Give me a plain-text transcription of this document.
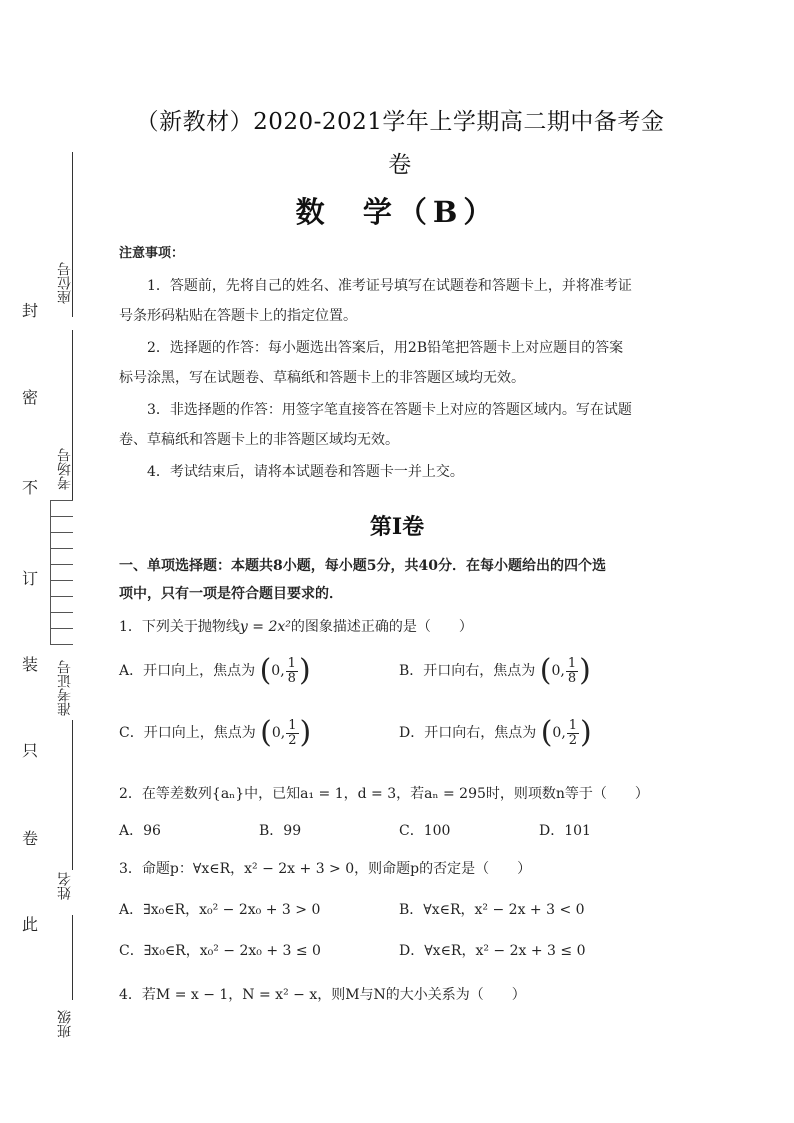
座位号
考场号
准考证号
姓名
班级
封
密
不
订
装
只
卷
此
（新教材）2020-2021学年上学期高二期中备考金
卷
数  学（B）
注意事项：
1．答题前，先将自己的姓名、准考证号填写在试题卷和答题卡上，并将准考证
号条形码粘贴在答题卡上的指定位置。
2．选择题的作答：每小题选出答案后，用2B铅笔把答题卡上对应题目的答案
标号涂黑，写在试题卷、草稿纸和答题卡上的非答题区域均无效。
3．非选择题的作答：用签字笔直接答在答题卡上对应的答题区域内。写在试题
卷、草稿纸和答题卡上的非答题区域均无效。
4．考试结束后，请将本试题卷和答题卡一并上交。
第Ⅰ卷
一、单项选择题：本题共8小题，每小题5分，共40分．在每小题给出的四个选
项中，只有一项是符合题目要求的．
1．下列关于抛物线y = 2x²的图象描述正确的是（　　）
A．开口向上，焦点为 ( 0, 1
8 )	B．开口向右，焦点为 ( 0, 1
8 )
C．开口向上，焦点为 ( 0, 1
2 )	D．开口向右，焦点为 ( 0, 1
2 )
2．在等差数列{aₙ}中，已知a₁ = 1，d = 3，若aₙ = 295时，则项数n等于（　　）
A．96	B．99	C．100	D．101
3．命题p：∀x∈R，x² − 2x + 3 > 0，则命题p的否定是（　　）
A．∃x₀∈R，x₀² − 2x₀ + 3 > 0	B．∀x∈R，x² − 2x + 3 < 0
C．∃x₀∈R，x₀² − 2x₀ + 3 ≤ 0	D．∀x∈R，x² − 2x + 3 ≤ 0
4．若M = x − 1，N = x² − x，则M与N的大小关系为（　　）
